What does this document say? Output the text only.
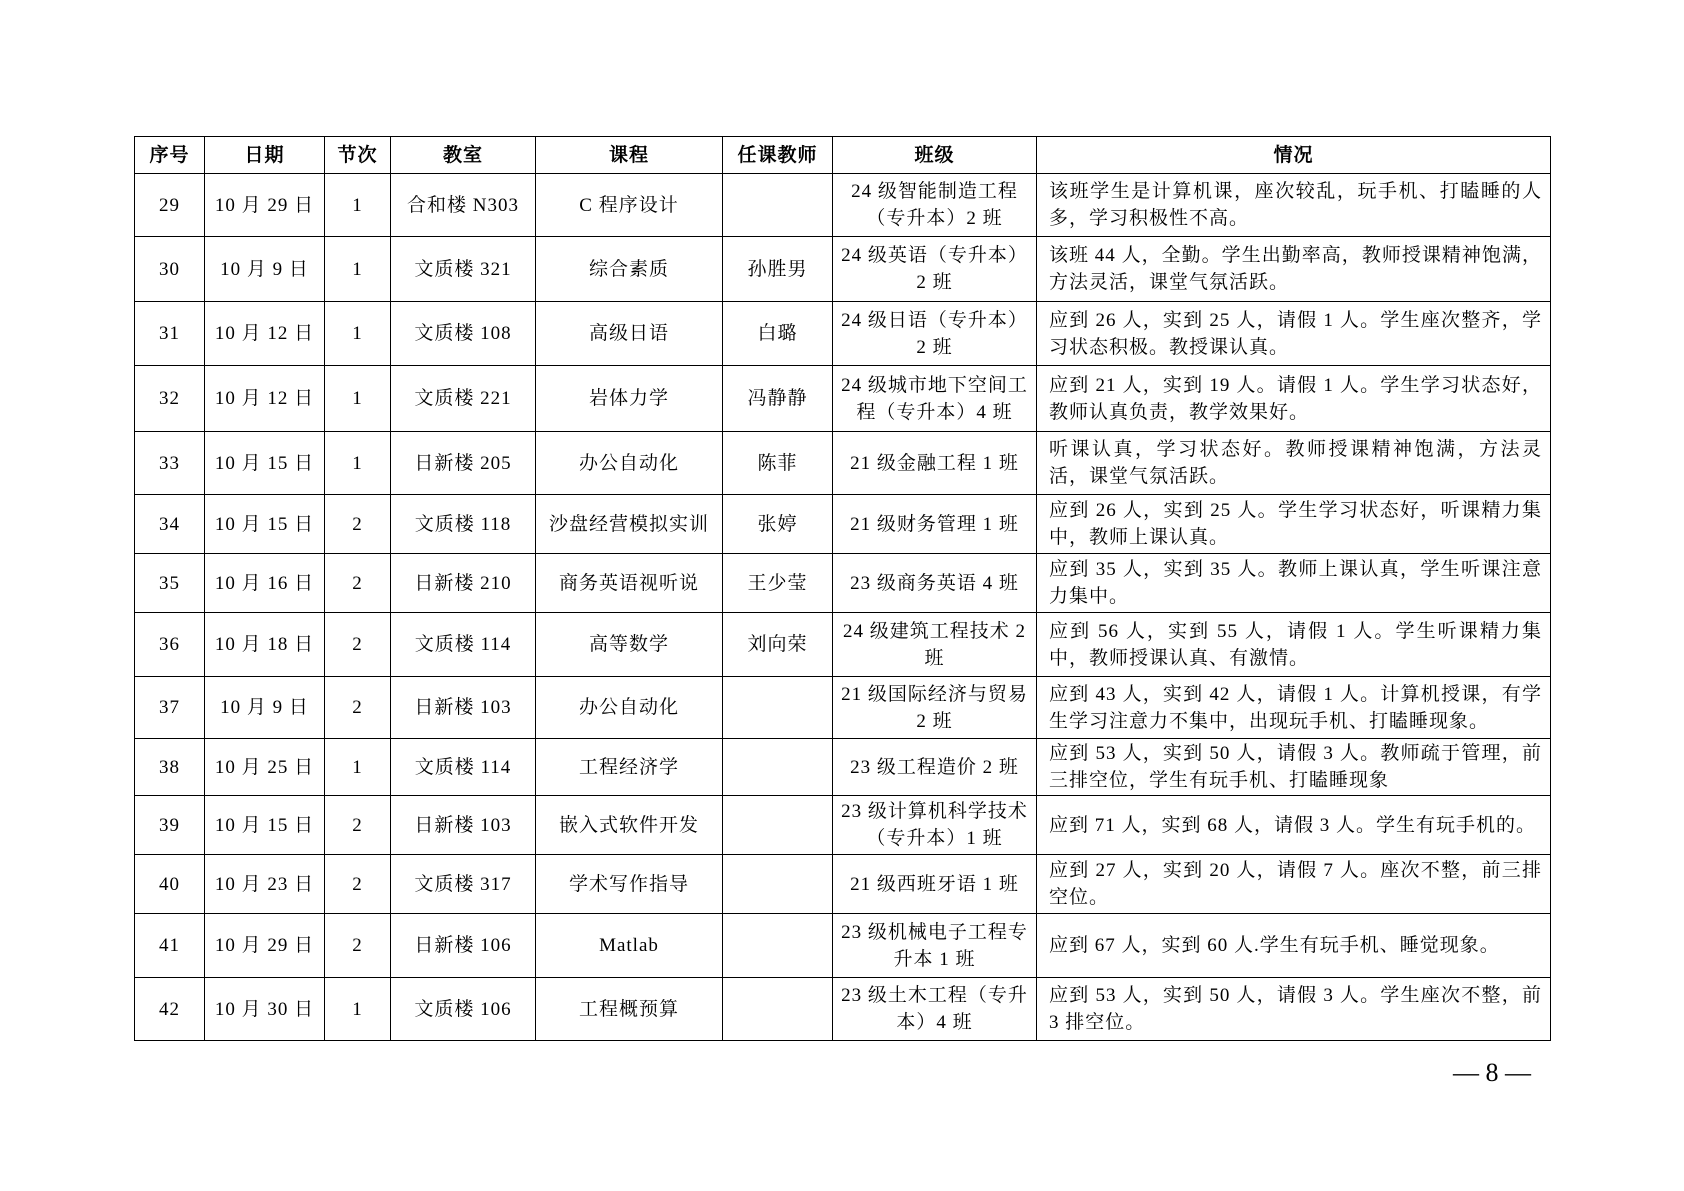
序号	日期	节次	教室	课程	任课教师	班级	情况
29	10 月 29 日	1	合和楼 N303	C 程序设计		24 级智能制造工程（专升本）2 班	该班学生是计算机课，座次较乱，玩手机、打瞌睡的人多，学习积极性不高。
30	10 月 9 日	1	文质楼 321	综合素质	孙胜男	24 级英语（专升本）2 班	该班 44 人，全勤。学生出勤率高，教师授课精神饱满，方法灵活，课堂气氛活跃。
31	10 月 12 日	1	文质楼 108	高级日语	白璐	24 级日语（专升本）2 班	应到 26 人，实到 25 人，请假 1 人。学生座次整齐，学习状态积极。教授课认真。
32	10 月 12 日	1	文质楼 221	岩体力学	冯静静	24 级城市地下空间工程（专升本）4 班	应到 21 人，实到 19 人。请假 1 人。学生学习状态好，教师认真负责，教学效果好。
33	10 月 15 日	1	日新楼 205	办公自动化	陈菲	21 级金融工程 1 班	听课认真，学习状态好。教师授课精神饱满，方法灵活，课堂气氛活跃。
34	10 月 15 日	2	文质楼 118	沙盘经营模拟实训	张婷	21 级财务管理 1 班	应到 26 人，实到 25 人。学生学习状态好，听课精力集中，教师上课认真。
35	10 月 16 日	2	日新楼 210	商务英语视听说	王少莹	23 级商务英语 4 班	应到 35 人，实到 35 人。教师上课认真，学生听课注意力集中。
36	10 月 18 日	2	文质楼 114	高等数学	刘向荣	24 级建筑工程技术 2 班	应到 56 人，实到 55 人，请假 1 人。学生听课精力集中，教师授课认真、有激情。
37	10 月 9 日	2	日新楼 103	办公自动化		21 级国际经济与贸易 2 班	应到 43 人，实到 42 人，请假 1 人。计算机授课，有学生学习注意力不集中，出现玩手机、打瞌睡现象。
38	10 月 25 日	1	文质楼 114	工程经济学		23 级工程造价 2 班	应到 53 人，实到 50 人，请假 3 人。教师疏于管理，前三排空位，学生有玩手机、打瞌睡现象
39	10 月 15 日	2	日新楼 103	嵌入式软件开发		23 级计算机科学技术（专升本）1 班	应到 71 人，实到 68 人，请假 3 人。学生有玩手机的。
40	10 月 23 日	2	文质楼 317	学术写作指导		21 级西班牙语 1 班	应到 27 人，实到 20 人，请假 7 人。座次不整，前三排空位。
41	10 月 29 日	2	日新楼 106	Matlab		23 级机械电子工程专升本 1 班	应到 67 人，实到 60 人.学生有玩手机、睡觉现象。
42	10 月 30 日	1	文质楼 106	工程概预算		23 级土木工程（专升本）4 班	应到 53 人，实到 50 人，请假 3 人。学生座次不整，前 3 排空位。
— 8 —
